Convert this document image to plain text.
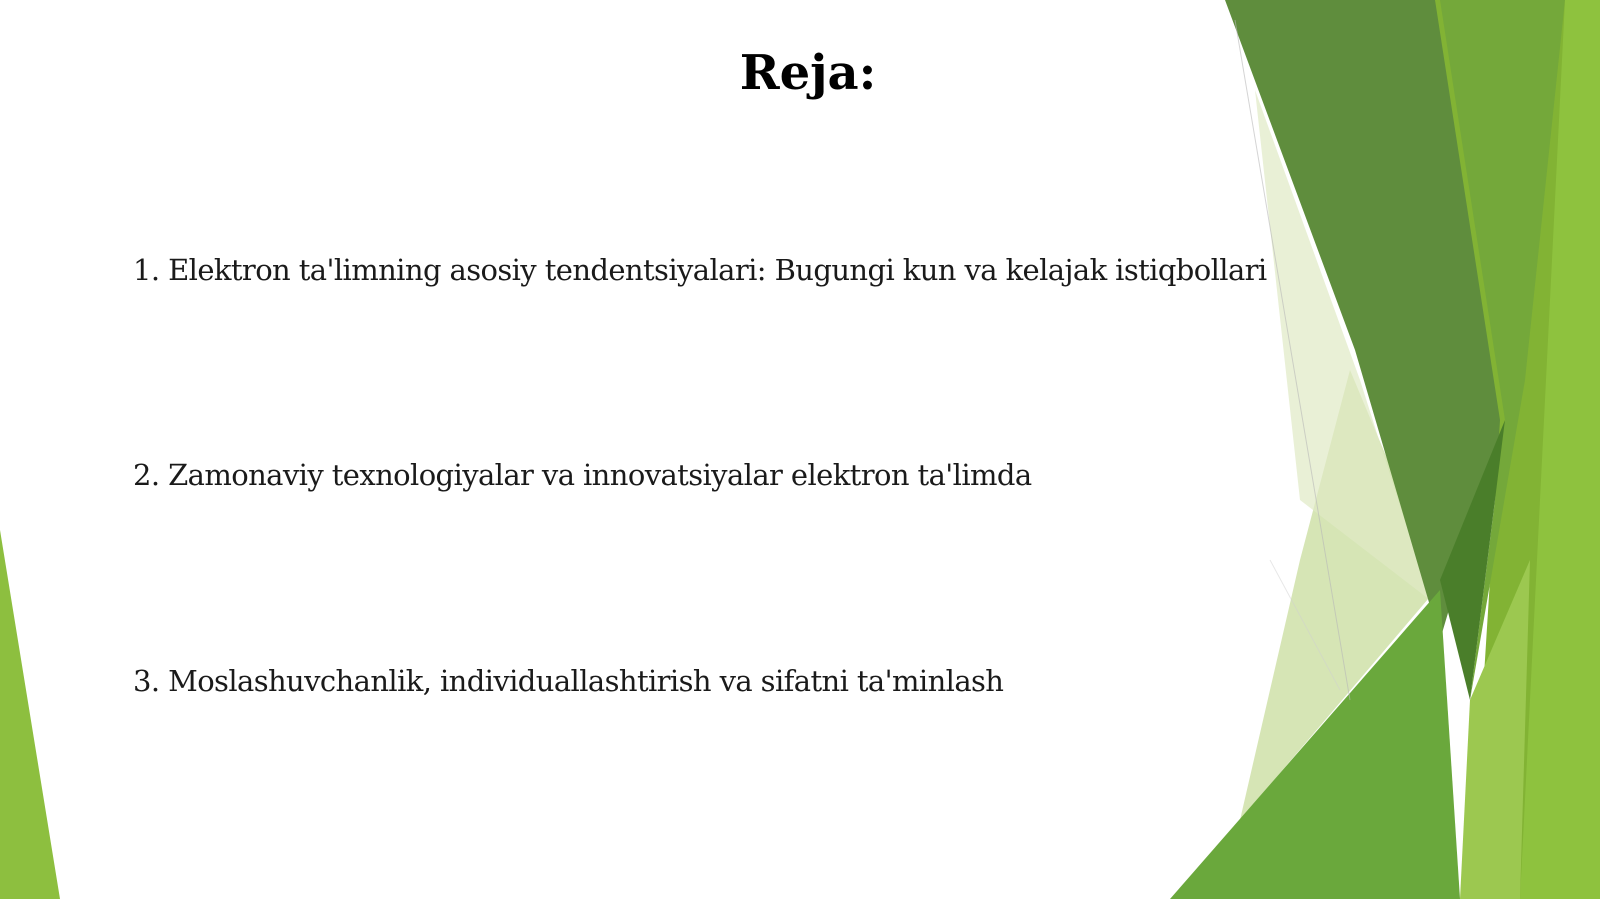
Reja:
1. Elektron ta'limning asosiy tendentsiyalari: Bugungi kun va kelajak istiqbollari
2. Zamonaviy texnologiyalar va innovatsiyalar elektron ta'limda
3. Moslashuvchanlik, individuallashtirish va sifatni ta'minlash
